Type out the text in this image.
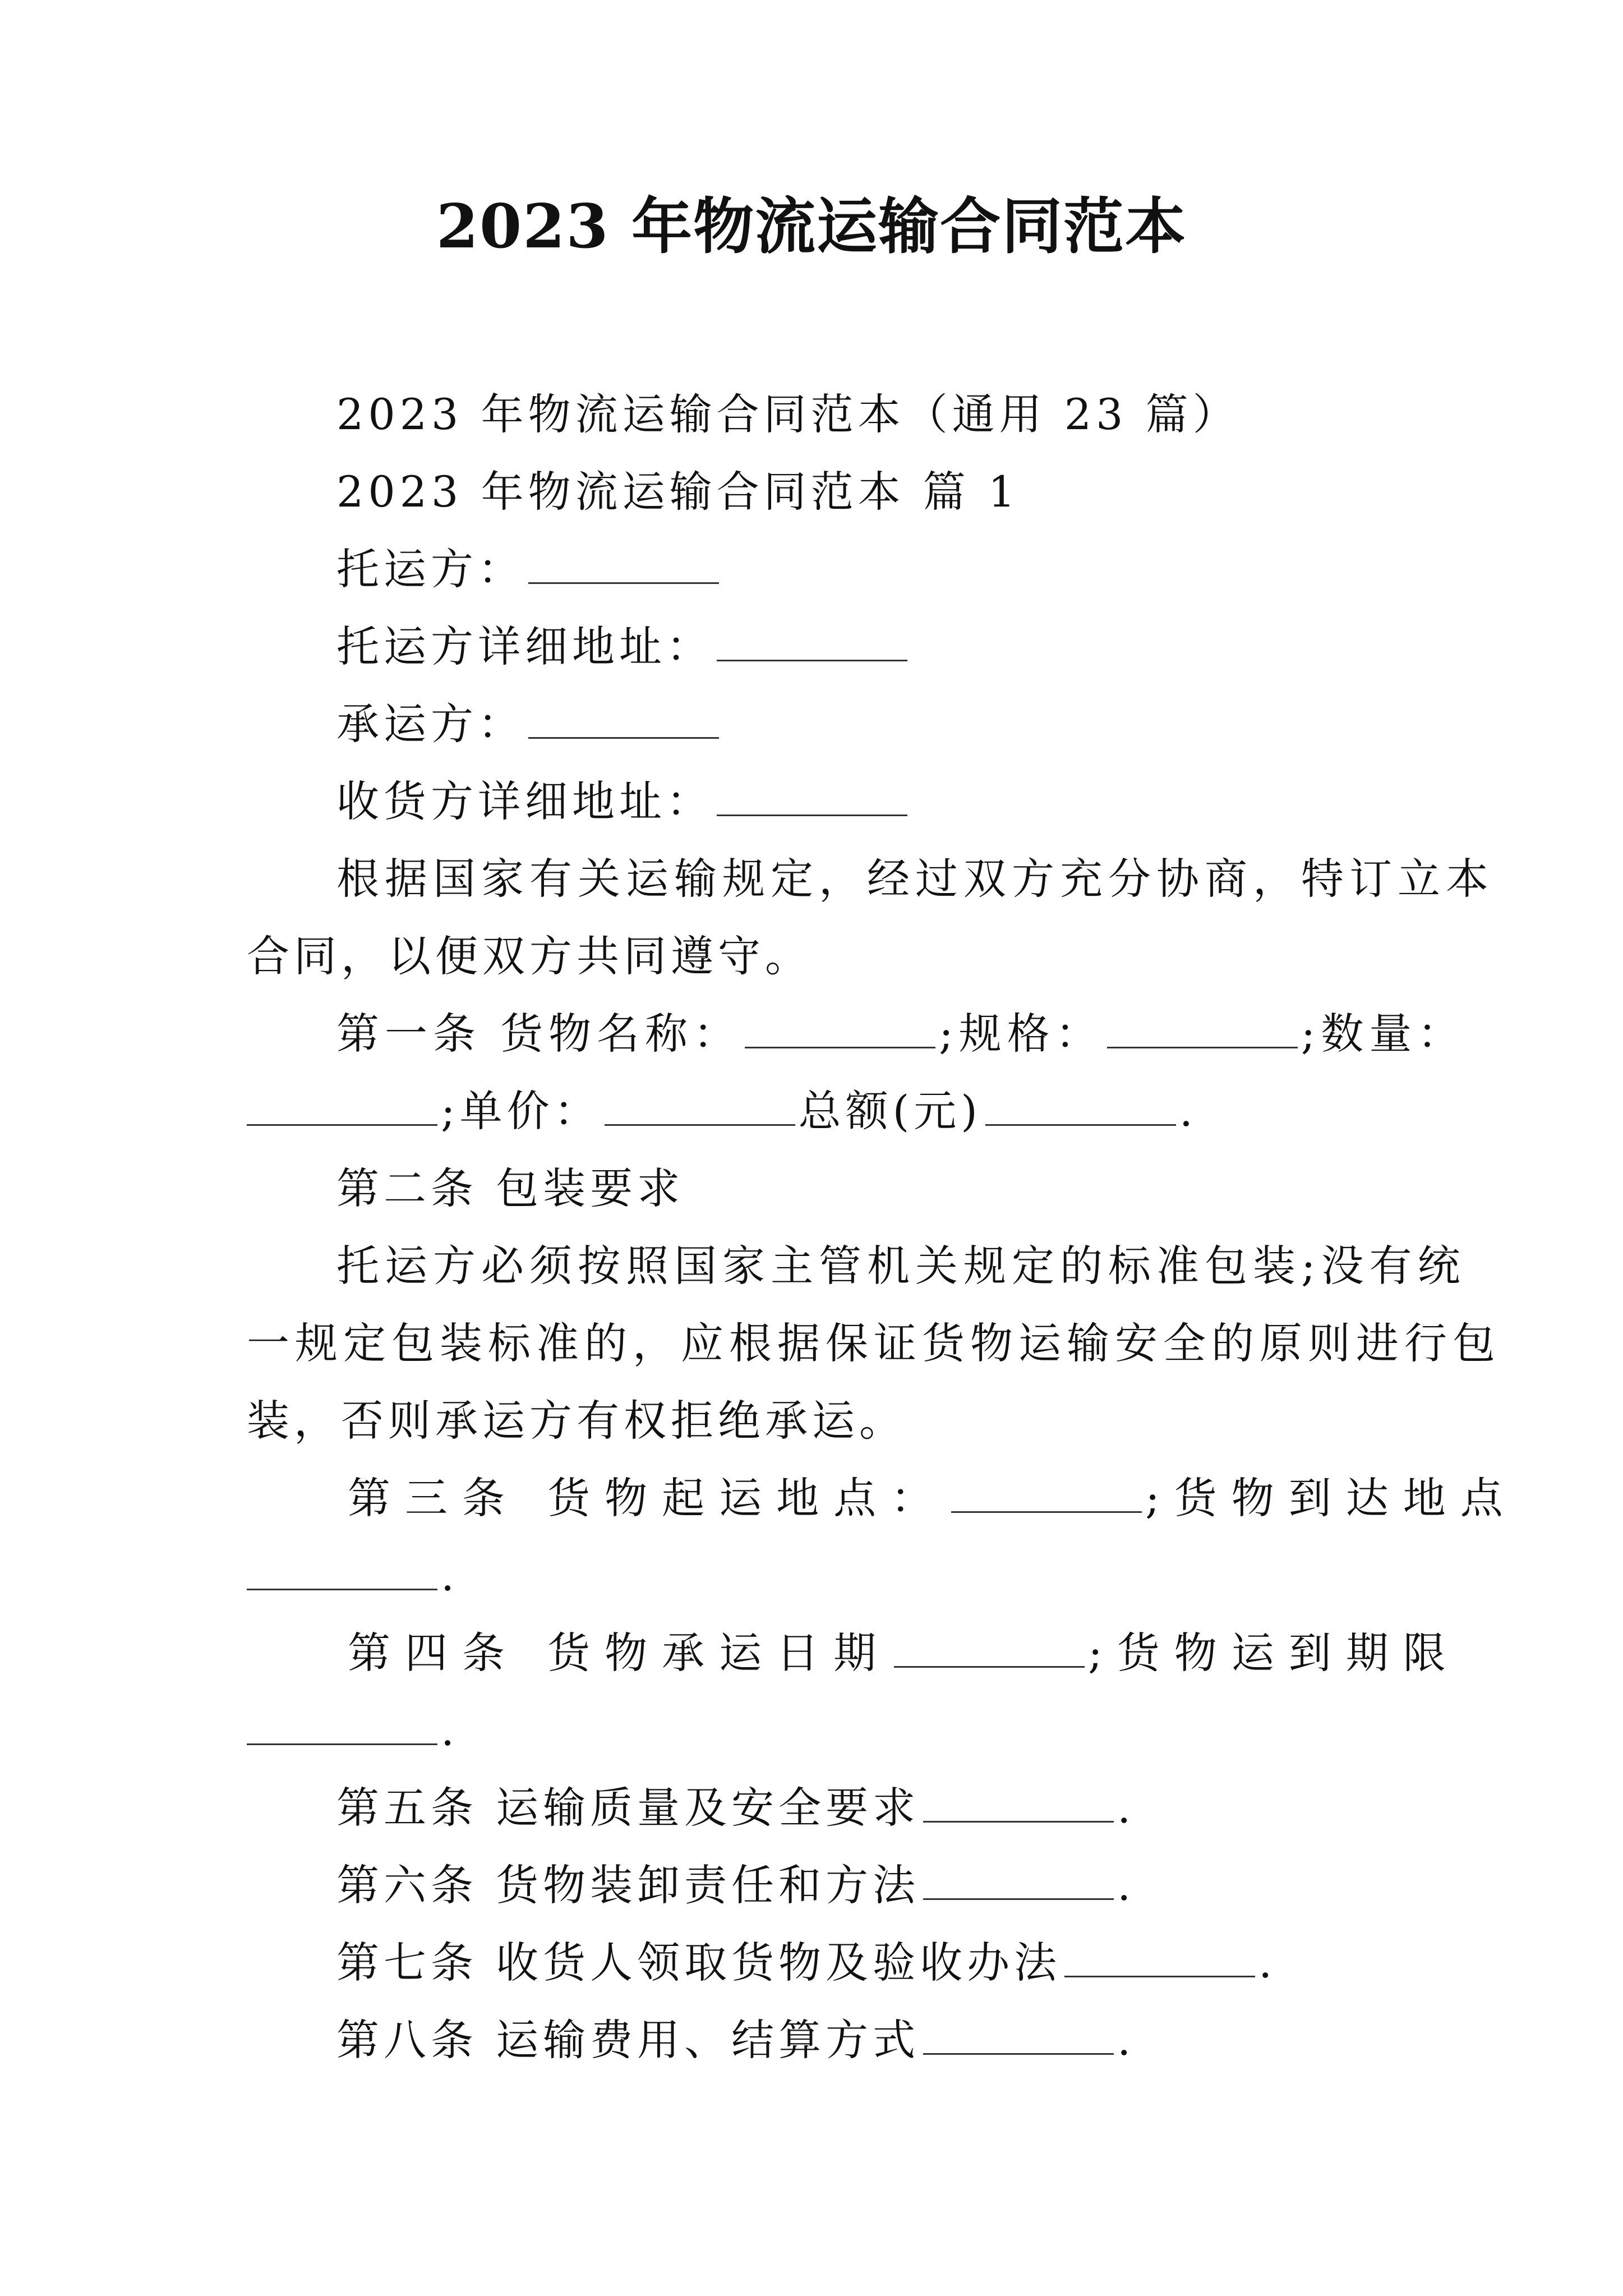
2023 年物流运输合同范本
2023 年物流运输合同范本（通用 23 篇）
2023 年物流运输合同范本 篇 1
托运方：
托运方详细地址：
承运方：
收货方详细地址：
根据国家有关运输规定，经过双方充分协商，特订立本
合同，以便双方共同遵守。
第一条 货物名称：	;规格：	;数量：
;单价：	总额(元)	.
第二条 包装要求
托运方必须按照国家主管机关规定的标准包装;没有统
一规定包装标准的，应根据保证货物运输安全的原则进行包
装，否则承运方有权拒绝承运。
第三条 货物起运地点：	;货物到达地点
.
第四条 货物承运日期	;货物运到期限
.
第五条 运输质量及安全要求	.
第六条 货物装卸责任和方法	.
第七条 收货人领取货物及验收办法	.
第八条 运输费用、结算方式	.
